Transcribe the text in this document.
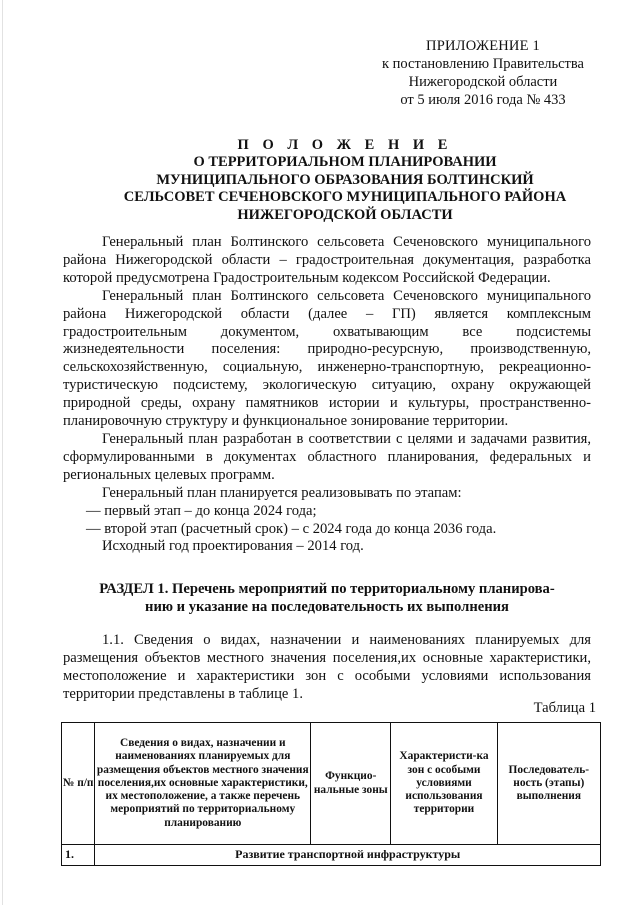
ПРИЛОЖЕНИЕ 1
к постановлению Правительства
Нижегородской области
от 5 июля 2016 года № 433
П О Л О Ж Е Н И Е
О ТЕРРИТОРИАЛЬНОМ ПЛАНИРОВАНИИ
МУНИЦИПАЛЬНОГО ОБРАЗОВАНИЯ БОЛТИНСКИЙ
СЕЛЬСОВЕТ СЕЧЕНОВСКОГО МУНИЦИПАЛЬНОГО РАЙОНА
НИЖЕГОРОДСКОЙ ОБЛАСТИ

Генеральный план Болтинского сельсовета Сеченовского муниципального района Нижегородской области – градостроительная документация, разработка которой предусмотрена Градостроительным кодексом Российской Федерации.

Генеральный план Болтинского сельсовета Сеченовского муниципального района Нижегородской области (далее – ГП) является комплексным градостроительным документом, охватывающим все подсистемы жизнедеятельности поселения: природно-ресурсную, производственную, сельскохозяйственную, социальную, инженерно-транспортную, рекреационно-туристическую подсистему, экологическую ситуацию, охрану окружающей природной среды, охрану памятников истории и культуры, пространственно-планировочную структуру и функциональное зонирование территории.

Генеральный план разработан в соответствии с целями и задачами развития, сформулированными в документах областного планирования, федеральных и региональных целевых программ.

Генеральный план планируется реализовывать по этапам:

— первый этап – до конца 2024 года;

— второй этап (расчетный срок) – с 2024 года до конца 2036 года.

Исходный год проектирования – 2014 год.

РАЗДЕЛ 1. Перечень мероприятий по территориальному планирова-
нию и указание на последовательность их выполнения

1.1. Сведения о видах, назначении и наименованиях планируемых для размещения объектов местного значения поселения,их основные характеристики, местоположение и характеристики зон с особыми условиями использования территории представлены в таблице 1.

Таблица 1
№ п/п	Сведения о видах, назначении и наименованиях планируемых для размещения объектов местного значения поселения,их основные характеристики, их местоположение, а также перечень мероприятий по территориальному планированию	Функцио-нальные зоны	Характеристи-ка зон с особыми условиями использования территории	Последователь-ность (этапы) выполнения
1.	Развитие транспортной инфраструктуры			
